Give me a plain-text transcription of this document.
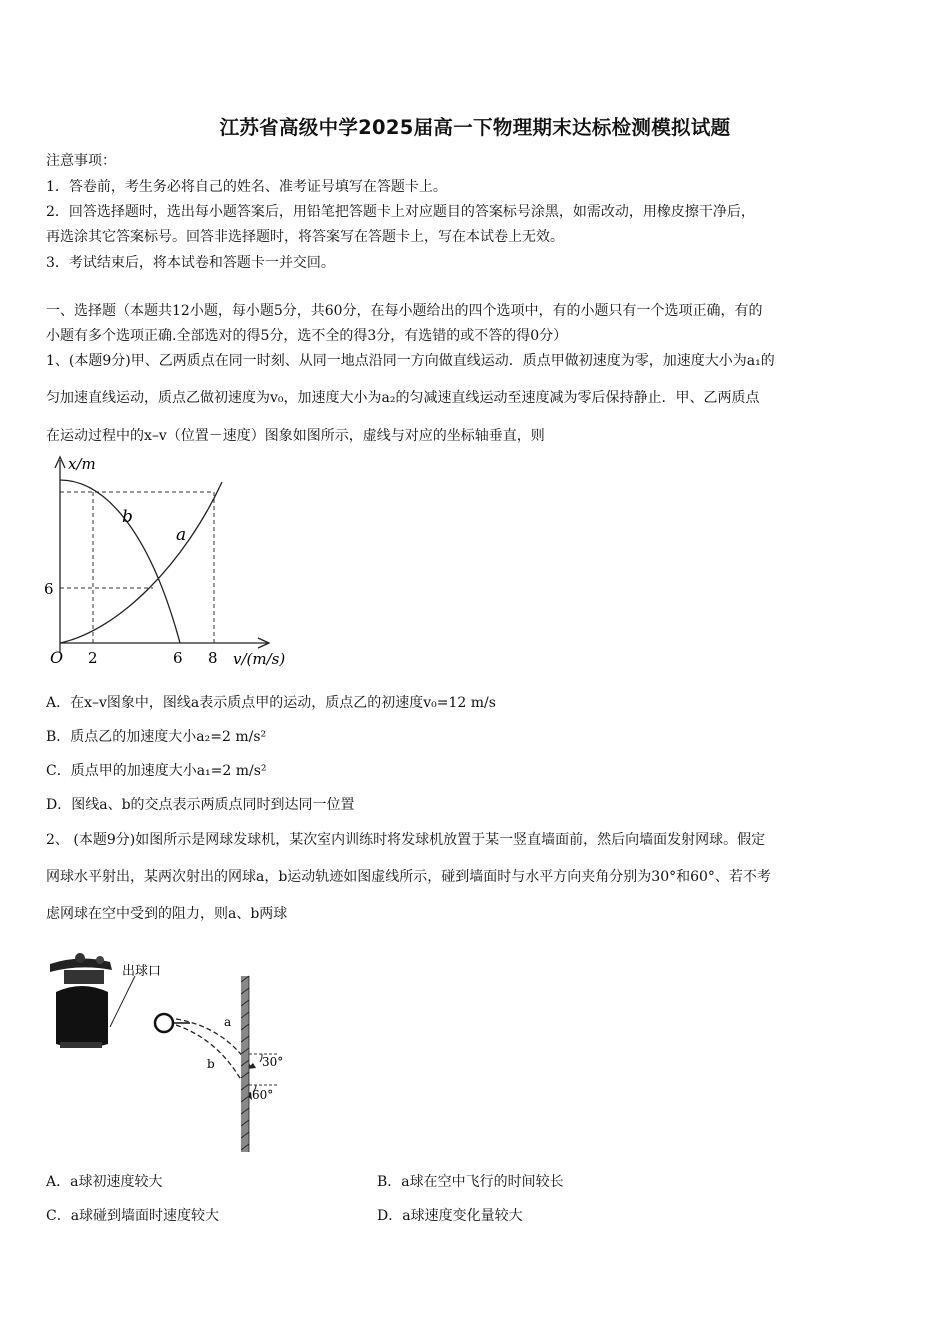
江苏省高级中学2025届高一下物理期末达标检测模拟试题
注意事项：
1．答卷前，考生务必将自己的姓名、准考证号填写在答题卡上。
2．回答选择题时，选出每小题答案后，用铅笔把答题卡上对应题目的答案标号涂黑，如需改动，用橡皮擦干净后，
再选涂其它答案标号。回答非选择题时，将答案写在答题卡上，写在本试卷上无效。
3．考试结束后，将本试卷和答题卡一并交回。
一、选择题（本题共12小题，每小题5分，共60分，在每小题给出的四个选项中，有的小题只有一个选项正确，有的
小题有多个选项正确.全部选对的得5分，选不全的得3分，有选错的或不答的得0分）
1、(本题9分)甲、乙两质点在同一时刻、从同一地点沿同一方向做直线运动．质点甲做初速度为零，加速度大小为a₁的
匀加速直线运动，质点乙做初速度为v₀，加速度大小为a₂的匀减速直线运动至速度减为零后保持静止．甲、乙两质点
在运动过程中的x–v（位置－速度）图象如图所示，虚线与对应的坐标轴垂直，则
x/m
v/(m/s)
O 2	6 8
6
a
b
A．在x–v图象中，图线a表示质点甲的运动，质点乙的初速度v₀=12 m/s
B．质点乙的加速度大小a₂=2 m/s²
C．质点甲的加速度大小a₁=2 m/s²
D．图线a、b的交点表示两质点同时到达同一位置
2、 (本题9分)如图所示是网球发球机，某次室内训练时将发球机放置于某一竖直墙面前，然后向墙面发射网球。假定
网球水平射出，某两次射出的网球a，b运动轨迹如图虚线所示，碰到墙面时与水平方向夹角分别为30°和60°、若不考
虑网球在空中受到的阻力，则a、b两球
出球口
a
b	30°
60°
A．a球初速度较大	B．a球在空中飞行的时间较长
C．a球碰到墙面时速度较大	D．a球速度变化量较大
